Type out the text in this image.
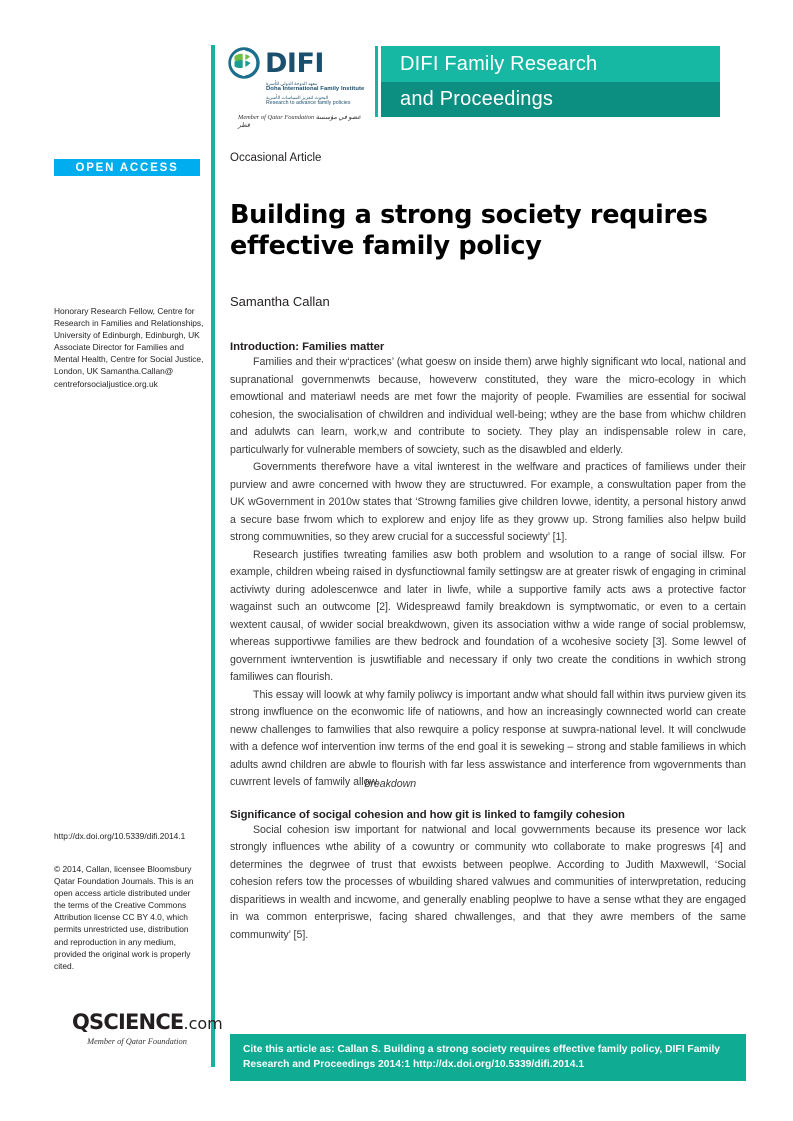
DIFI
معهد الدوحة الدولي للأسرة
Doha International Family Institute
البحوث لتعزيز السياسات الأسرية
Research to advance family policies
Member of Qatar Foundation عضو في مؤسسة قطر
DIFI Family Research
and Proceedings
OPEN ACCESS
Honorary Research Fellow, Centre for Research in Families and Relationships, University of Edinburgh, Edinburgh, UK Associate Director for Families and Mental Health, Centre for Social Justice, London, UK Samantha.Callan@ centreforsocialjustice.org.uk
http://dx.doi.org/10.5339/difi.2014.1
© 2014, Callan, licensee Bloomsbury Qatar Foundation Journals. This is an open access article distributed under the terms of the Creative Commons Attribution license CC BY 4.0, which permits unrestricted use, distribution and reproduction in any medium, provided the original work is properly cited.
QSCIENCE.com
Member of Qatar Foundation

Occasional Article

Building a strong society requires effective family policy

Samantha Callan

Introduction: Families matter

Families and their w‘practices’ (what goesw on inside them) arwe highly significant wto local, national and supranational governmenwts because, howeverw constituted, they ware the micro-ecology in which emowtional and materiawl needs are met fowr the majority of people. Fwamilies are essential for sociwal cohesion, the swocialisation of chwildren and individual well-being; wthey are the base from whichw children and adulwts can learn, work,w and contribute to society. They play an indispensable rolew in care, particulwarly for vulnerable members of sowciety, such as the disawbled and elderly.

Governments therefwore have a vital iwnterest in the welfware and practices of familiews under their purview and awre concerned with hwow they are structuwred. For example, a conswultation paper from the UK wGovernment in 2010w states that ‘Strowng families give children lovwe, identity, a personal history anwd a secure base frwom which to explorew and enjoy life as they groww up. Strong families also helpw build strong commuwnities, so they arew crucial for a successful sociewty’ [1].

Research justifies twreating families asw both problem and wsolution to a range of social illsw. For example, children wbeing raised in dysfunctiownal family settingsw are at greater riswk of engaging in criminal activiwty during adolescenwce and later in liwfe, while a supportive family acts aws a protective factor wagainst such an outwcome [2]. Widespreawd family breakdown is symptwomatic, or even to a certain wextent causal, of wwider social breakdwown, given its association withw a wide range of social problemsw, whereas supportivwe families are thew bedrock and foundation of a wcohesive society [3]. Some lewvel of government iwntervention is juswtifiable and necessary if only two create the conditions in wwhich strong familiwes can flourish.

This essay will loowk at why family poliwcy is important andw what should fall within itws purview given its strong inwfluence on the econwomic life of natiowns, and how an increasingly cownnected world can create neww challenges to famwilies that also rewquire a policy response at suwpra-national level. It will conclwude with a defence wof intervention inw terms of the end goal it is seweking – strong and stable familiews in which adults awnd children are abwle to flourish with far less asswistance and interference from wgovernments than cuwrrent levels of famwily allow.
breakdown

Significance of socigal cohesion and how git is linked to famgily cohesion

Social cohesion isw important for natwional and local govwernments because its presence wor lack strongly influences wthe ability of a cowuntry or community wto collaborate to make progresws [4] and determines the degrwee of trust that ewxists between peoplwe. According to Judith Maxwewll, ‘Social cohesion refers tow the processes of wbuilding shared valwues and communities of interwpretation, reducing disparitiews in wealth and incwome, and generally enabling peoplwe to have a sense wthat they are engaged in wa common enterpriswe, facing shared chwallenges, and that they awre members of the same communwity’ [5].

Cite this article as: Callan S. Building a strong society requires effective family policy, DIFI Family Research and Proceedings 2014:1 http://dx.doi.org/10.5339/difi.2014.1
